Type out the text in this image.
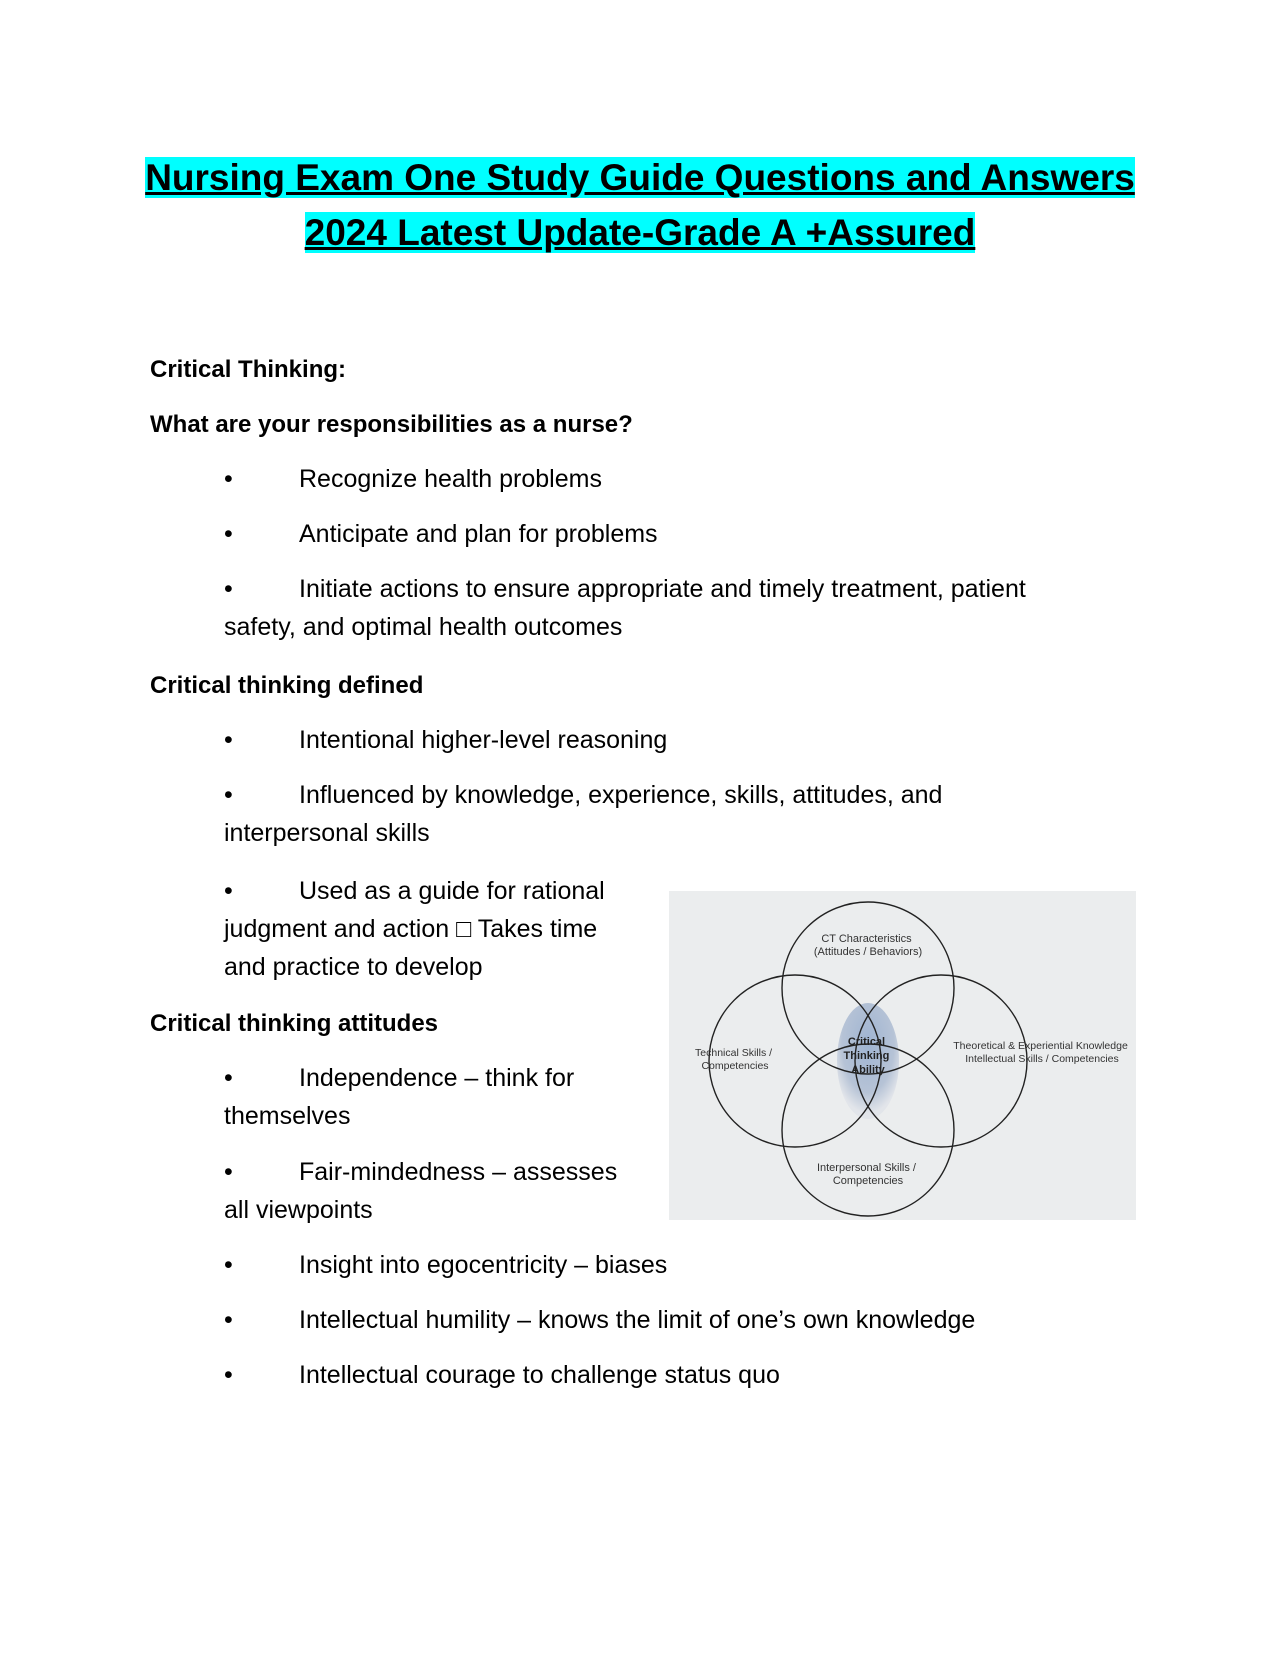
Nursing Exam One Study Guide Questions and Answers
2024 Latest Update-Grade A +Assured
Critical Thinking:
What are your responsibilities as a nurse?
•	Recognize health problems
•	Anticipate and plan for problems
•	Initiate actions to ensure appropriate and timely treatment, patient
safety, and optimal health outcomes
Critical thinking defined
•	Intentional higher-level reasoning
•	Influenced by knowledge, experience, skills, attitudes, and
interpersonal skills
•	Used as a guide for rational
judgment and action □ Takes time
and practice to develop
Critical thinking attitudes
•	Independence – think for
themselves
•	Fair-mindedness – assesses
all viewpoints
•	Insight into egocentricity – biases
•	Intellectual humility – knows the limit of one’s own knowledge
•	Intellectual courage to challenge status quo
CT Characteristics (Attitudes / Behaviors)
Technical Skills / Competencies
Theoretical & Experiential Knowledge Intellectual Skills / Competencies
Interpersonal Skills / Competencies
Critical Thinking Ability
